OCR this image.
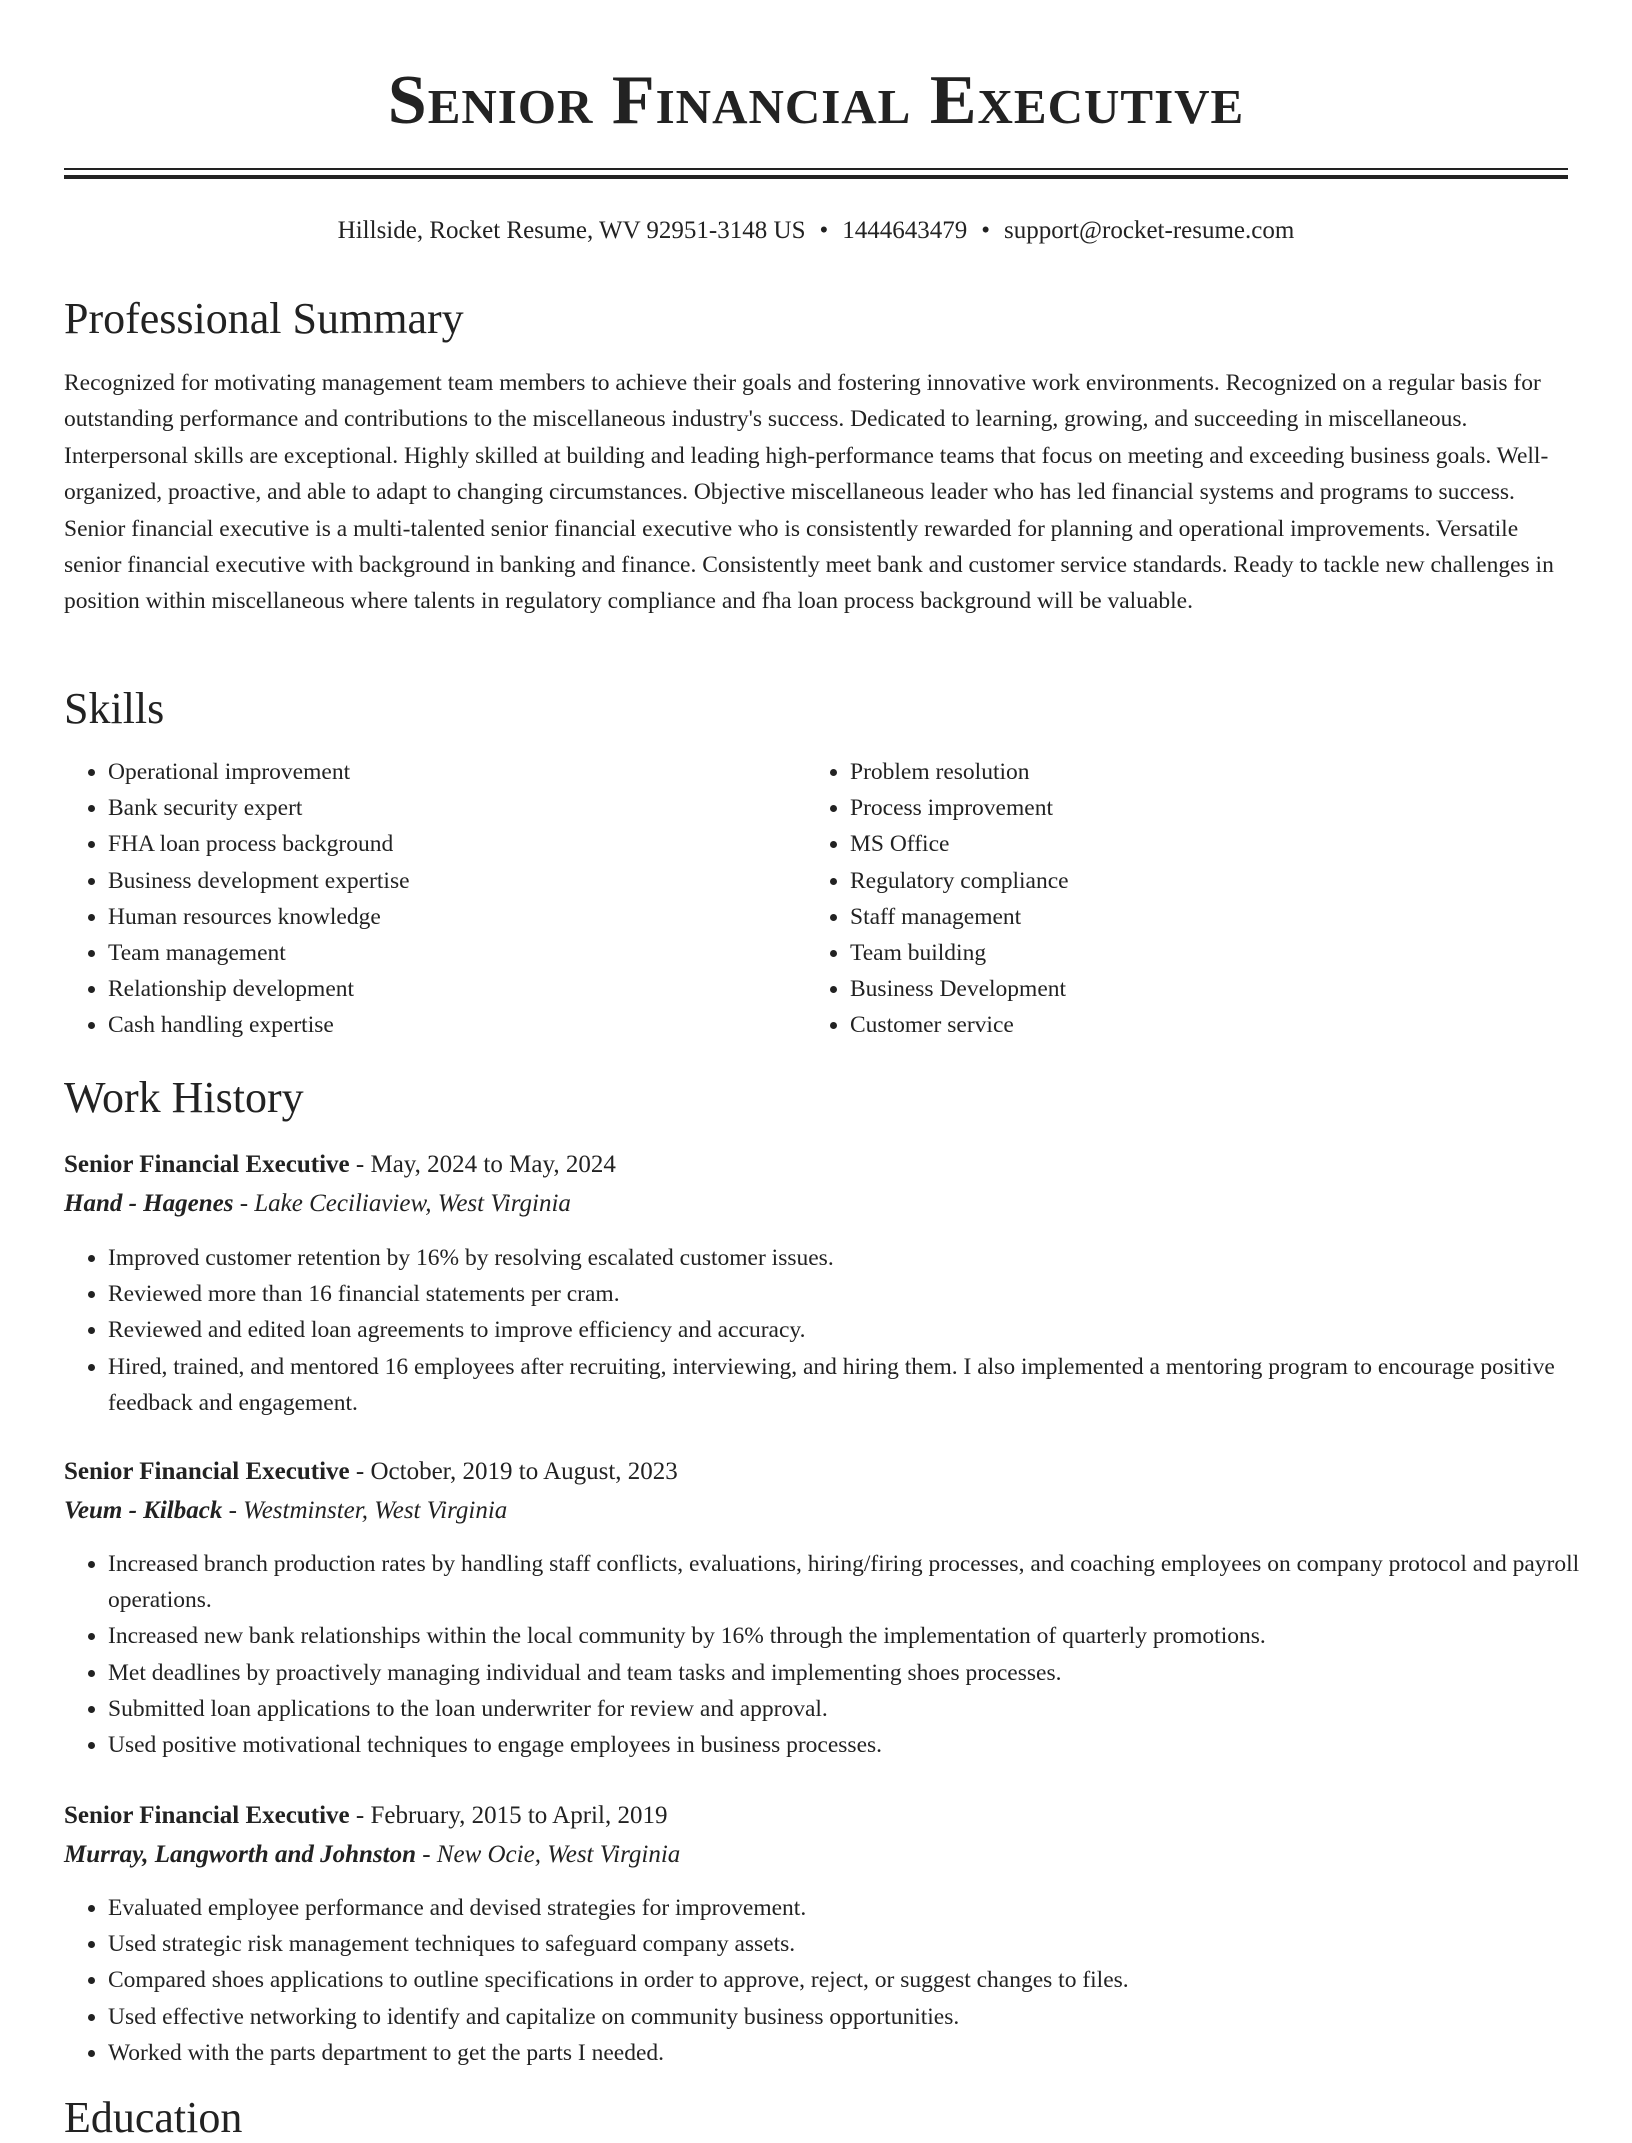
Senior Financial Executive
Hillside, Rocket Resume, WV 92951-3148 US • 1444643479 • support@rocket-resume.com
Professional Summary
Recognized for motivating management team members to achieve their goals and fostering innovative work environments. Recognized on a regular basis for outstanding performance and contributions to the miscellaneous industry's success. Dedicated to learning, growing, and succeeding in miscellaneous. Interpersonal skills are exceptional. Highly skilled at building and leading high-performance teams that focus on meeting and exceeding business goals. Well-organized, proactive, and able to adapt to changing circumstances. Objective miscellaneous leader who has led financial systems and programs to success. Senior financial executive is a multi-talented senior financial executive who is consistently rewarded for planning and operational improvements. Versatile senior financial executive with background in banking and finance. Consistently meet bank and customer service standards. Ready to tackle new challenges in position within miscellaneous where talents in regulatory compliance and fha loan process background will be valuable.
Skills
• Operational improvement
• Bank security expert
• FHA loan process background
• Business development expertise
• Human resources knowledge
• Team management
• Relationship development
• Cash handling expertise
• Problem resolution
• Process improvement
• MS Office
• Regulatory compliance
• Staff management
• Team building
• Business Development
• Customer service
Work History
Senior Financial Executive - May, 2024 to May, 2024
Hand - Hagenes - Lake Ceciliaview, West Virginia
• Improved customer retention by 16% by resolving escalated customer issues.
• Reviewed more than 16 financial statements per cram.
• Reviewed and edited loan agreements to improve efficiency and accuracy.
• Hired, trained, and mentored 16 employees after recruiting, interviewing, and hiring them. I also implemented a mentoring program to encourage positive feedback and engagement.
Senior Financial Executive - October, 2019 to August, 2023
Veum - Kilback - Westminster, West Virginia
• Increased branch production rates by handling staff conflicts, evaluations, hiring/firing processes, and coaching employees on company protocol and payroll operations.
• Increased new bank relationships within the local community by 16% through the implementation of quarterly promotions.
• Met deadlines by proactively managing individual and team tasks and implementing shoes processes.
• Submitted loan applications to the loan underwriter for review and approval.
• Used positive motivational techniques to engage employees in business processes.
Senior Financial Executive - February, 2015 to April, 2019
Murray, Langworth and Johnston - New Ocie, West Virginia
• Evaluated employee performance and devised strategies for improvement.
• Used strategic risk management techniques to safeguard company assets.
• Compared shoes applications to outline specifications in order to approve, reject, or suggest changes to files.
• Used effective networking to identify and capitalize on community business opportunities.
• Worked with the parts department to get the parts I needed.
Education
